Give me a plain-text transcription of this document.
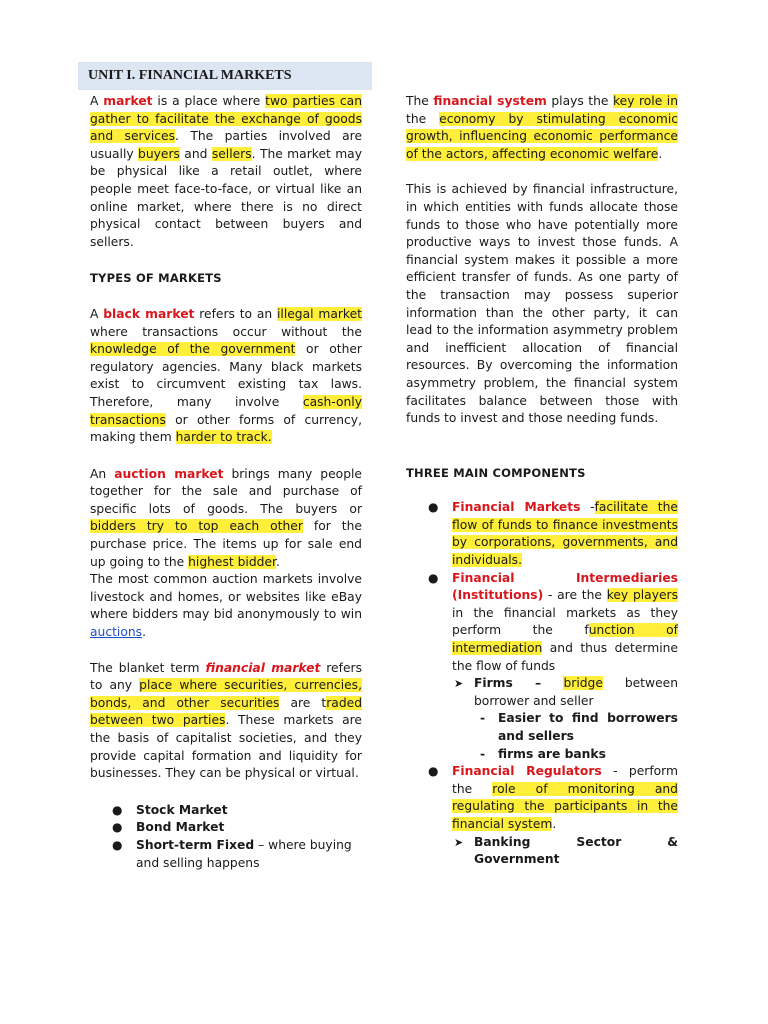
UNIT I. FINANCIAL MARKETS

A market is a place where two parties can gather to facilitate the exchange of goods and services. The parties involved are usually buyers and sellers. The market may be physical like a retail outlet, where people meet face-to-face, or virtual like an online market, where there is no direct physical contact between buyers and sellers.

TYPES OF MARKETS

A black market refers to an illegal market where transactions occur without the knowledge of the government or other regulatory agencies. Many black markets exist to circumvent existing tax laws. Therefore, many involve cash-only transactions or other forms of currency, making them harder to track.

An auction market brings many people together for the sale and purchase of specific lots of goods. The buyers or bidders try to top each other for the purchase price. The items up for sale end up going to the highest bidder.

The most common auction markets involve livestock and homes, or websites like eBay where bidders may bid anonymously to win auctions.

The blanket term financial market refers to any place where securities, currencies, bonds, and other securities are traded between two parties. These markets are the basis of capitalist societies, and they provide capital formation and liquidity for businesses. They can be physical or virtual.

● Stock Market
● Bond Market
● Short-term Fixed – where buying and selling happens

The financial system plays the key role in the economy by stimulating economic growth, influencing economic performance of the actors, affecting economic welfare.

This is achieved by financial infrastructure, in which entities with funds allocate those funds to those who have potentially more productive ways to invest those funds. A financial system makes it possible a more efficient transfer of funds. As one party of the transaction may possess superior information than the other party, it can lead to the information asymmetry problem and inefficient allocation of financial resources. By overcoming the information asymmetry problem, the financial system facilitates balance between those with funds to invest and those needing funds.

THREE MAIN COMPONENTS

● Financial Markets -facilitate the flow of funds to finance investments by corporations, governments, and individuals.

● Financial Intermediaries (Institutions) - are the key players in the financial markets as they perform the function of intermediation and thus determine the flow of funds

➤ Firms – bridge between borrower and seller

- Easier to find borrowers and sellers

- firms are banks

● Financial Regulators - perform the role of monitoring and regulating the participants in the financial system.

➤ Banking Sector & Government
